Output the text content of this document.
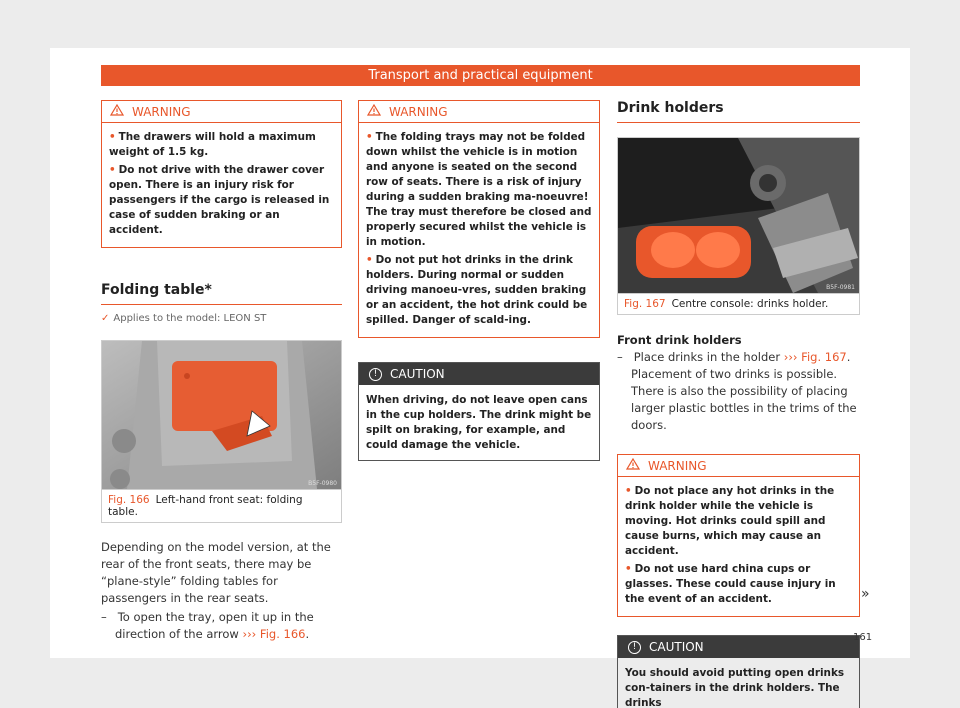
Transport and practical equipment
WARNING

• The drawers will hold a maximum weight of 1.5 kg.

• Do not drive with the drawer cover open. There is an injury risk for passengers if the cargo is released in case of sudden braking or an accident.

Folding table*
✓ Applies to the model: LEON ST
B5F-0980
Fig. 166 Left-hand front seat: folding table.

Depending on the model version, at the rear of the front seats, there may be “plane-style” folding tables for passengers in the rear seats.

– To open the tray, open it up in the direction of the arrow ››› Fig. 166.

WARNING

• The folding trays may not be folded down whilst the vehicle is in motion and anyone is seated on the second row of seats. There is a risk of injury during a sudden braking ma-noeuvre! The tray must therefore be closed and properly secured whilst the vehicle is in motion.

• Do not put hot drinks in the drink holders. During normal or sudden driving manoeu-vres, sudden braking or an accident, the hot drink could be spilled. Danger of scald-ing.

!	CAUTION

When driving, do not leave open cans in the cup holders. The drink might be spilt on braking, for example, and could damage the vehicle.

Drink holders
B5F-0981
Fig. 167 Centre console: drinks holder.

Front drink holders

– Place drinks in the holder ››› Fig. 167. Placement of two drinks is possible. There is also the possibility of placing larger plastic bottles in the trims of the doors.

WARNING

• Do not place any hot drinks in the drink holder while the vehicle is moving. Hot drinks could spill and cause burns, which may cause an accident.

• Do not use hard china cups or glasses. These could cause injury in the event of an accident.

!	CAUTION

You should avoid putting open drinks con-tainers in the drink holders. The drinks

»
161
